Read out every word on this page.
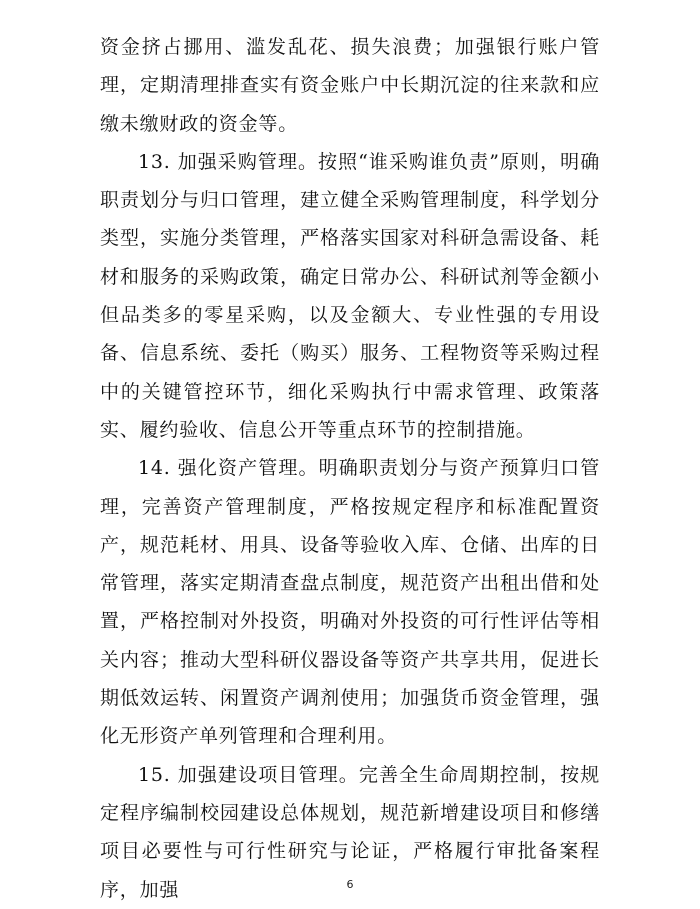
资金挤占挪用、滥发乱花、损失浪费；加强银行账户管理，定期清理排查实有资金账户中长期沉淀的往来款和应缴未缴财政的资金等。

13. 加强采购管理。按照“谁采购谁负责”原则，明确职责划分与归口管理，建立健全采购管理制度，科学划分类型，实施分类管理，严格落实国家对科研急需设备、耗材和服务的采购政策，确定日常办公、科研试剂等金额小但品类多的零星采购，以及金额大、专业性强的专用设备、信息系统、委托（购买）服务、工程物资等采购过程中的关键管控环节，细化采购执行中需求管理、政策落实、履约验收、信息公开等重点环节的控制措施。

14. 强化资产管理。明确职责划分与资产预算归口管理，完善资产管理制度，严格按规定程序和标准配置资产，规范耗材、用具、设备等验收入库、仓储、出库的日常管理，落实定期清查盘点制度，规范资产出租出借和处置，严格控制对外投资，明确对外投资的可行性评估等相关内容；推动大型科研仪器设备等资产共享共用，促进长期低效运转、闲置资产调剂使用；加强货币资金管理，强化无形资产单列管理和合理利用。

15. 加强建设项目管理。完善全生命周期控制，按规定程序编制校园建设总体规划，规范新增建设项目和修缮项目必要性与可行性研究与论证，严格履行审批备案程序，加强	6
